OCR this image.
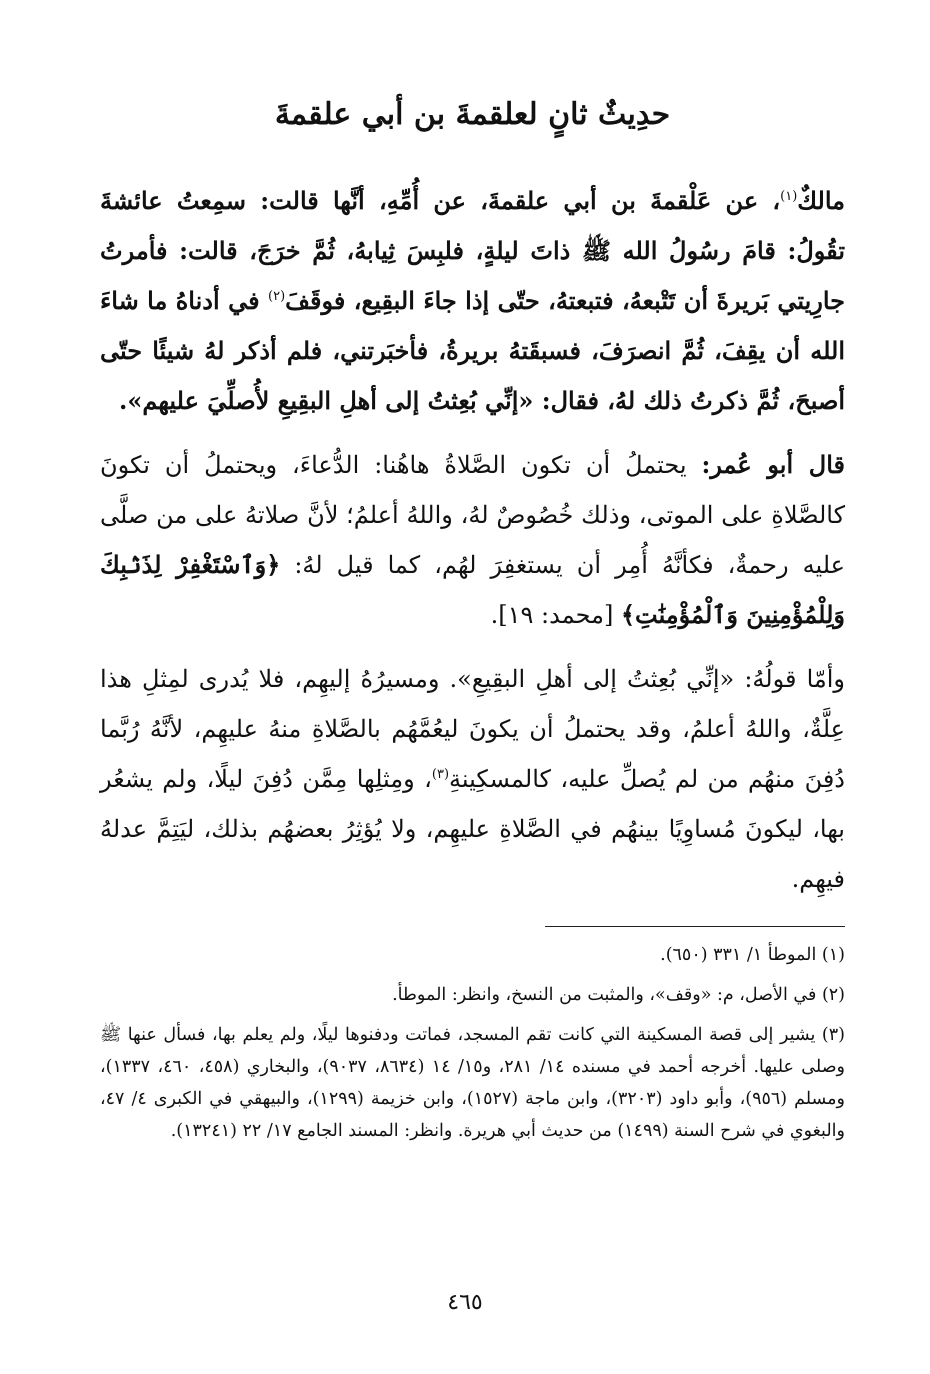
حدِيثٌ ثانٍ لعلقمةَ بن أبي علقمةَ

مالكٌ$^{(١)}$، عن عَلْقمةَ بن أبي علقمةَ، عن أُمِّهِ، أنَّها قالت: سمِعتُ عائشةَ تقُولُ: قامَ رسُولُ الله ﷺ ذاتَ ليلةٍ، فلبِسَ ثِيابهُ، ثُمَّ خرَجَ، قالت: فأمرتُ جارِيتي بَريرةَ أن تَتْبعهُ، فتبعتهُ، حتّى إذا جاءَ البقِيع، فوقَفَ$^{(٢)}$ في أدناهُ ما شاءَ الله أن يقِفَ، ثُمَّ انصرَفَ، فسبقَتهُ بريرةُ، فأخبَرتني، فلم أذكر لهُ شيئًا حتّى أصبحَ، ثُمَّ ذكرتُ ذلك لهُ، فقال: «إنِّي بُعِثتُ إلى أهلِ البقِيعِ لأُصلِّيَ عليهم».

قال أبو عُمر: يحتملُ أن تكون الصَّلاةُ هاهُنا: الدُّعاءَ، ويحتملُ أن تكونَ كالصَّلاةِ على الموتى، وذلك خُصُوصٌ لهُ، واللهُ أعلمُ؛ لأنَّ صلاتهُ على من صلَّى عليه رحمةٌ، فكأنَّهُ أُمِر أن يستغفِرَ لهُم، كما قيل لهُ: ﴿وَٱسْتَغْفِرْ لِذَنۢبِكَ وَلِلْمُؤْمِنِينَ وَٱلْمُؤْمِنَٰتِ﴾ [محمد: ١٩].

وأمّا قولُهُ: «إنِّي بُعِثتُ إلى أهلِ البقِيعِ». ومسيرُهُ إليهِم، فلا يُدرى لمِثلِ هذا عِلَّةٌ، واللهُ أعلمُ، وقد يحتملُ أن يكونَ ليعُمَّهُم بالصَّلاةِ منهُ عليهِم، لأنَّهُ رُبَّما دُفِنَ منهُم من لم يُصلِّ عليه، كالمسكِينةِ$^{(٣)}$، ومِثلِها مِمَّن دُفِنَ ليلًا، ولم يشعُر بها، ليكونَ مُساوِيًا بينهُم في الصَّلاةِ عليهِم، ولا يُؤثِرُ بعضهُم بذلك، ليَتِمَّ عدلهُ فيهِم.

(١) الموطأ ١/ ٣٣١ (٦٥٠).

(٢) في الأصل، م: «وقف»، والمثبت من النسخ، وانظر: الموطأ.

(٣) يشير إلى قصة المسكينة التي كانت تقم المسجد، فماتت ودفنوها ليلًا، ولم يعلم بها، فسأل عنها ﷺ وصلى عليها. أخرجه أحمد في مسنده ١٤/ ٢٨١، و١٥/ ١٤ (٨٦٣٤، ٩٠٣٧)، والبخاري (٤٥٨، ٤٦٠، ١٣٣٧)، ومسلم (٩٥٦)، وأبو داود (٣٢٠٣)، وابن ماجة (١٥٢٧)، وابن خزيمة (١٢٩٩)، والبيهقي في الكبرى ٤/ ٤٧، والبغوي في شرح السنة (١٤٩٩) من حديث أبي هريرة. وانظر: المسند الجامع ١٧/ ٢٢ (١٣٢٤١).

٤٦٥
